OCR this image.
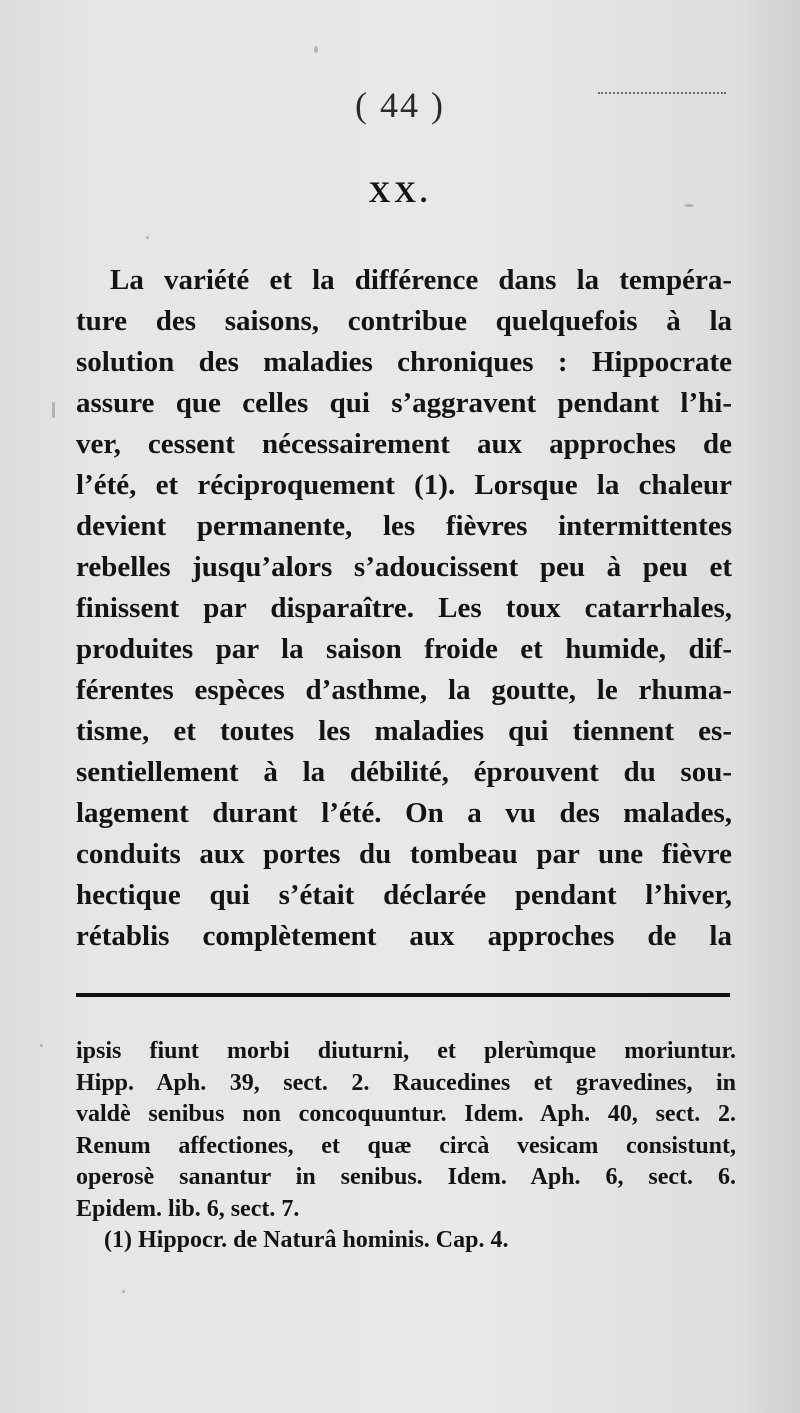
( 44 )
XX.
La variété et la différence dans la tempéra-
ture des saisons, contribue quelquefois à la
solution des maladies chroniques : Hippocrate
assure que celles qui s’aggravent pendant l’hi-
ver, cessent nécessairement aux approches de
l’été, et réciproquement (1). Lorsque la chaleur
devient permanente, les fièvres intermittentes
rebelles jusqu’alors s’adoucissent peu à peu et
finissent par disparaître. Les toux catarrhales,
produites par la saison froide et humide, dif-
férentes espèces d’asthme, la goutte, le rhuma-
tisme, et toutes les maladies qui tiennent es-
sentiellement à la débilité, éprouvent du sou-
lagement durant l’été. On a vu des malades,
conduits aux portes du tombeau par une fièvre
hectique qui s’était déclarée pendant l’hiver,
rétablis complètement aux approches de la
ipsis fiunt morbi diuturni, et plerùmque moriuntur.
Hipp. Aph. 39, sect. 2. Raucedines et gravedines, in
valdè senibus non concoquuntur. Idem. Aph. 40, sect. 2.
Renum affectiones, et quæ circà vesicam consistunt,
operosè sanantur in senibus. Idem. Aph. 6, sect. 6.
Epidem. lib. 6, sect. 7.
(1) Hippocr. de Naturâ hominis. Cap. 4.
